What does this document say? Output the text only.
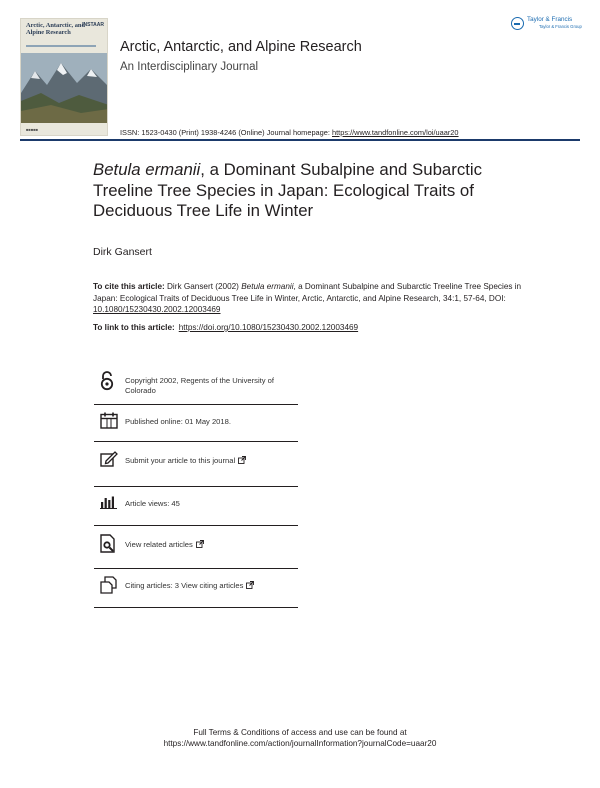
Arctic, Antarctic, and Alpine Research
INSTAAR
■■■■■
Arctic, Antarctic, and Alpine Research
An Interdisciplinary Journal
ISSN: 1523-0430 (Print) 1938-4246 (Online) Journal homepage: https://www.tandfonline.com/loi/uaar20
Taylor & Francis
Taylor & Francis Group
Betula ermanii, a Dominant Subalpine and Subarctic Treeline Tree Species in Japan: Ecological Traits of Deciduous Tree Life in Winter
Dirk Gansert
To cite this article: Dirk Gansert (2002) Betula ermanii, a Dominant Subalpine and Subarctic Treeline Tree Species in Japan: Ecological Traits of Deciduous Tree Life in Winter, Arctic, Antarctic, and Alpine Research, 34:1, 57-64, DOI: 10.1080/15230430.2002.12003469
To link to this article: https://doi.org/10.1080/15230430.2002.12003469
Copyright 2002, Regents of the University of Colorado
Published online: 01 May 2018.
Submit your article to this journal
Article views: 45
View related articles
Citing articles: 3 View citing articles
Full Terms & Conditions of access and use can be found at
https://www.tandfonline.com/action/journalInformation?journalCode=uaar20
